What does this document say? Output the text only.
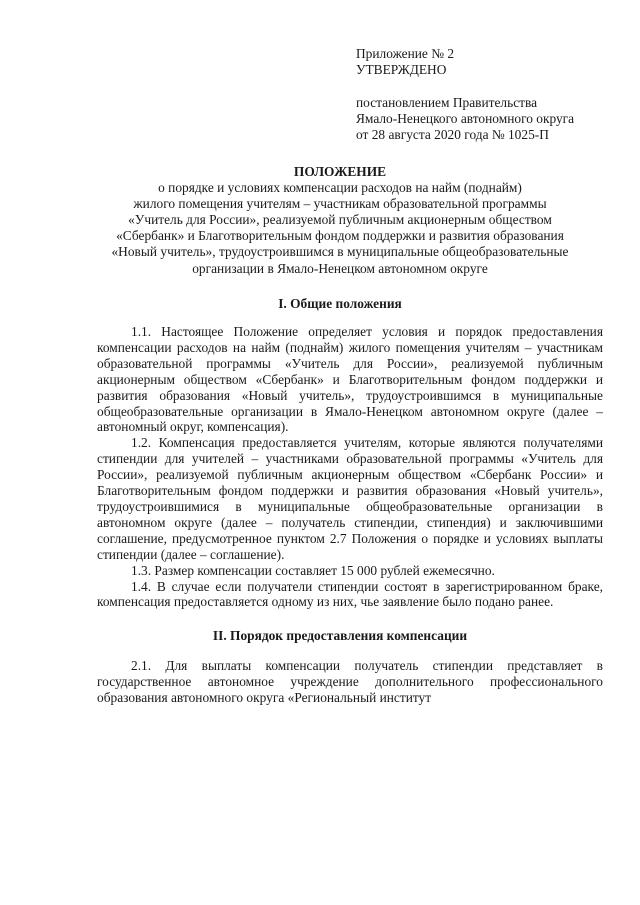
Приложение № 2
УТВЕРЖДЕНО
постановлением Правительства
Ямало-Ненецкого автономного округа
от 28 августа 2020 года № 1025-П
ПОЛОЖЕНИЕ
о порядке и условиях компенсации расходов на найм (поднайм)
жилого помещения учителям – участникам образовательной программы
«Учитель для России», реализуемой публичным акционерным обществом
«Сбербанк» и Благотворительным фондом поддержки и развития образования
«Новый учитель», трудоустроившимся в муниципальные общеобразовательные
организации в Ямало-Ненецком автономном округе
I. Общие положения

1.1. Настоящее Положение определяет условия и порядок предоставления компенсации расходов на найм (поднайм) жилого помещения учителям – участникам образовательной программы «Учитель для России», реализуемой публичным акционерным обществом «Сбербанк» и Благотворительным фондом поддержки и развития образования «Новый учитель», трудоустроившимся в муниципальные общеобразовательные организации в Ямало-Ненецком автономном округе (далее – автономный округ, компенсация).

1.2. Компенсация предоставляется учителям, которые являются получателями стипендии для учителей – участниками образовательной программы «Учитель для России», реализуемой публичным акционерным обществом «Сбербанк России» и Благотворительным фондом поддержки и развития образования «Новый учитель», трудоустроившимися в муниципальные общеобразовательные организации в автономном округе (далее – получатель стипендии, стипендия) и заключившими соглашение, предусмотренное пунктом 2.7 Положения о порядке и условиях выплаты стипендии (далее – соглашение).

1.3. Размер компенсации составляет 15 000 рублей ежемесячно.

1.4. В случае если получатели стипендии состоят в зарегистрированном браке, компенсация предоставляется одному из них, чье заявление было подано ранее.

II. Порядок предоставления компенсации

2.1. Для выплаты компенсации получатель стипендии представляет в государственное автономное учреждение дополнительного профессионального образования автономного округа «Региональный институт
